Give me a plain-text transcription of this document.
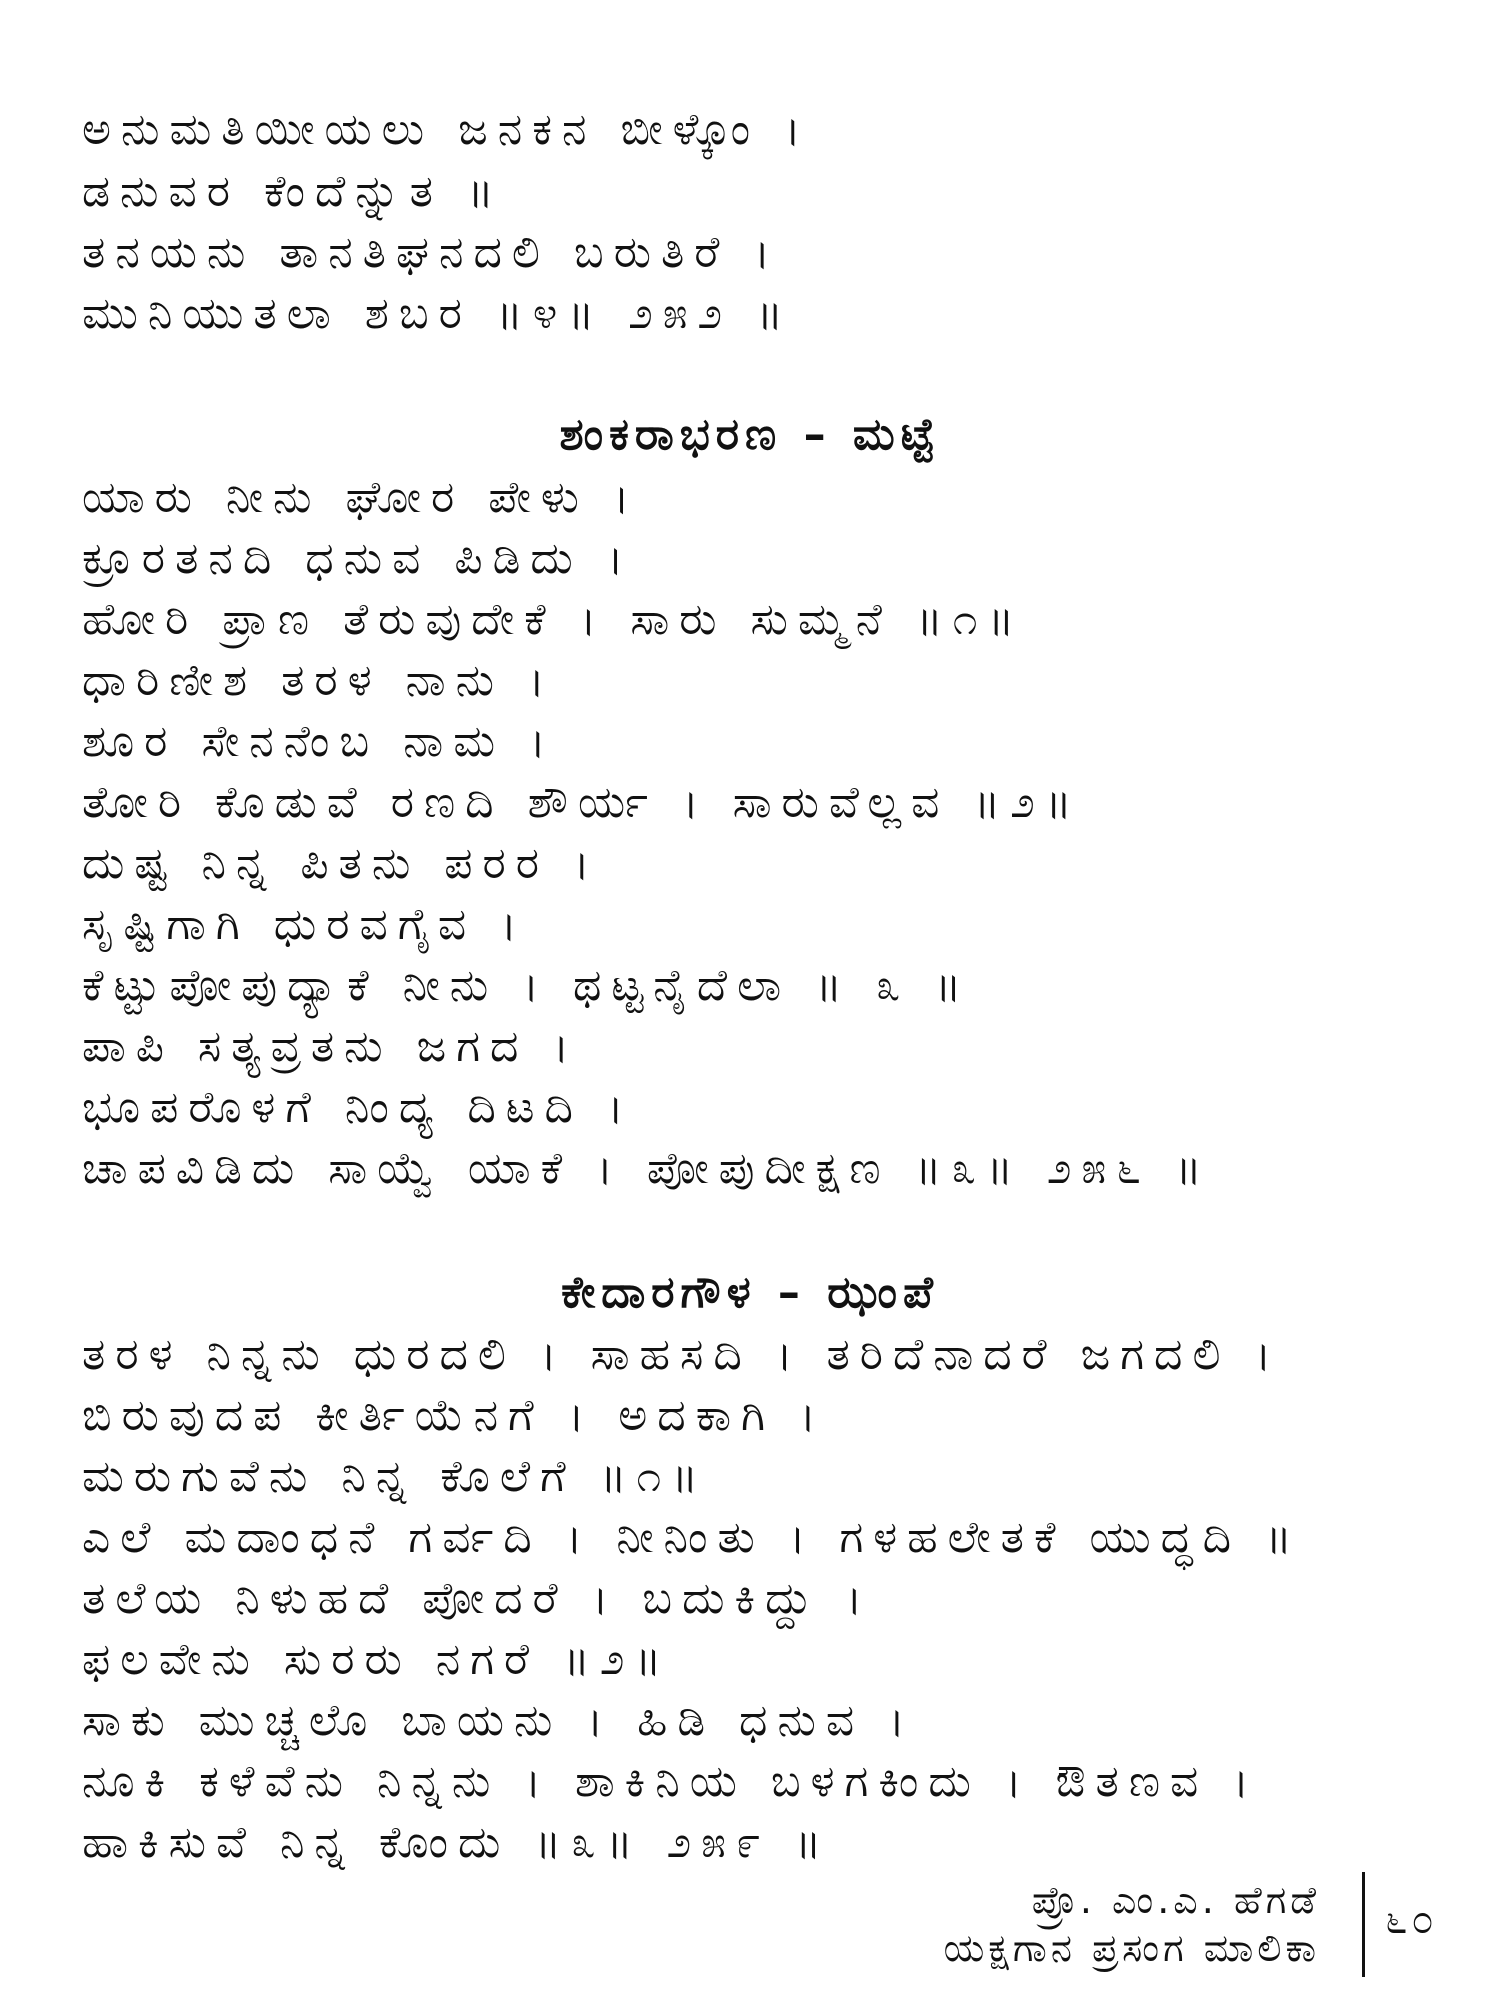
ಅನುಮತಿಯೀಯಲು ಜನಕನ ಬೀಳ್ಕೊಂ ।
ಡನುವರ ಕೆಂದೆನ್ನುತ ॥
ತನಯನು ತಾನತಿಘನದಲಿ ಬರುತಿರೆ ।
ಮುನಿಯುತಲಾ ಶಬರ ॥೪॥ ೨೫೨ ॥
ಶಂಕರಾಭರಣ – ಮಟ್ಟೆ
ಯಾರು ನೀನು ಘೋರ ಪೇಳು ।
ಕ್ರೂರತನದಿ ಧನುವ ಪಿಡಿದು ।
ಹೋರಿ ಪ್ರಾಣ ತೆರುವುದೇಕೆ । ಸಾರು ಸುಮ್ಮನೆ ॥೧॥
ಧಾರಿಣೀಶ ತರಳ ನಾನು ।
ಶೂರ ಸೇನನೆಂಬ ನಾಮ ।
ತೋರಿ ಕೊಡುವೆ ರಣದಿ ಶೌರ್ಯ । ಸಾರುವೆಲ್ಲವ ॥೨॥
ದುಷ್ಟ ನಿನ್ನ ಪಿತನು ಪರರ ।
ಸೃಷ್ಟಿಗಾಗಿ ಧುರವಗೈವ ।
ಕೆಟ್ಟುಪೋಪುದ್ಯಾಕೆ ನೀನು । ಥಟ್ಟನೈದೆಲಾ ॥ ೩ ॥
ಪಾಪಿ ಸತ್ಯವ್ರತನು ಜಗದ ।
ಭೂಪರೊಳಗೆ ನಿಂದ್ಯ ದಿಟದಿ ।
ಚಾಪವಿಡಿದು ಸಾಯ್ವೆ ಯಾಕೆ । ಪೋಪುದೀಕ್ಷಣ ॥೩॥ ೨೫೬ ॥
ಕೇದಾರಗೌಳ – ಝಂಪೆ
ತರಳ ನಿನ್ನನು ಧುರದಲಿ । ಸಾಹಸದಿ । ತರಿದೆನಾದರೆ ಜಗದಲಿ ।
ಬಿರುವುದಪ ಕೀರ್ತಿಯೆನಗೆ । ಅದಕಾಗಿ ।
ಮರುಗುವೆನು ನಿನ್ನ ಕೊಲೆಗೆ ॥೧॥
ಎಲೆ ಮದಾಂಧನೆ ಗರ್ವದಿ । ನೀನಿಂತು । ಗಳಹಲೇತಕೆ ಯುದ್ಧದಿ ॥
ತಲೆಯ ನಿಳುಹದೆ ಪೋದರೆ । ಬದುಕಿದ್ದು ।
ಫಲವೇನು ಸುರರು ನಗರೆ ॥೨॥
ಸಾಕು ಮುಚ್ಚಲೊ ಬಾಯನು । ಹಿಡಿ ಧನುವ ।
ನೂಕಿ ಕಳೆವೆನು ನಿನ್ನನು । ಶಾಕಿನಿಯ ಬಳಗಕಿಂದು । ಔತಣವ ।
ಹಾಕಿಸುವೆ ನಿನ್ನ ಕೊಂದು ॥೩॥ ೨೫೯ ॥
ಪ್ರೊ. ಎಂ.ಎ. ಹೆಗಡೆ
ಯಕ್ಷಗಾನ ಪ್ರಸಂಗ ಮಾಲಿಕಾ
೬೦
